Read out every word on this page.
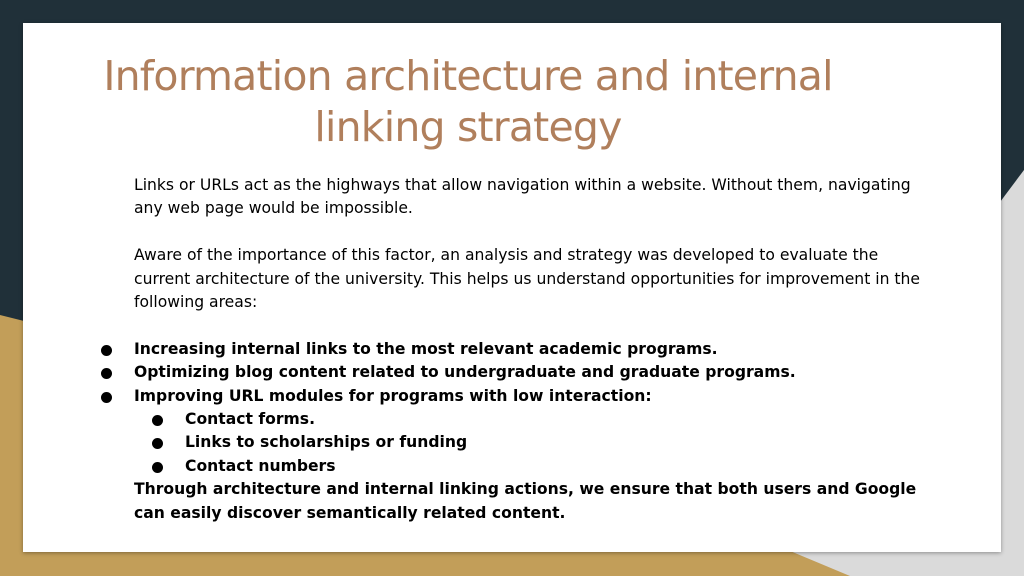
Information architecture and internal linking strategy

Links or URLs act as the highways that allow navigation within a website. Without them, navigating any web page would be impossible.

Aware of the importance of this factor, an analysis and strategy was developed to evaluate the current architecture of the university. This helps us understand opportunities for improvement in the following areas:

Increasing internal links to the most relevant academic programs.
Optimizing blog content related to undergraduate and graduate programs.
Improving URL modules for programs with low interaction:
Contact forms.
Links to scholarships or funding
Contact numbers

Through architecture and internal linking actions, we ensure that both users and Google can easily discover semantically related content.
